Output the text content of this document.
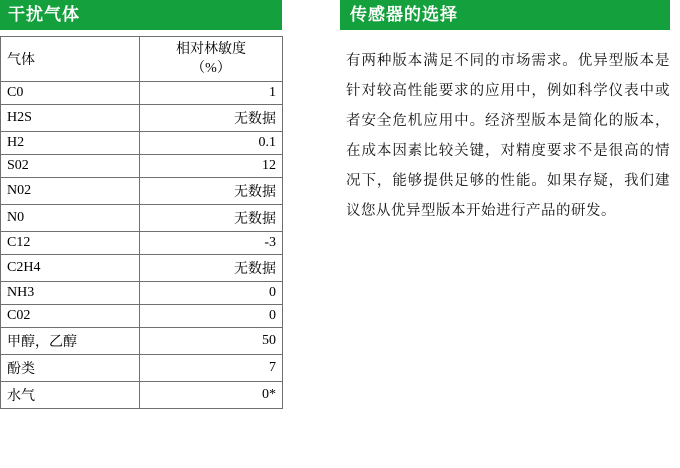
干扰气体
气体	相对林敏度
（%）

C0	1
H2S	无数据
H2	0.1
S02	12
N02	无数据
N0	无数据
C12	-3
C2H4	无数据
NH3	0
C02	0
甲醇，乙醇	50
酚类	7
水气	0*
传感器的选择
有两种版本满足不同的市场需求。优异型版本是针对较高性能要求的应用中，例如科学仪表中或者安全危机应用中。经济型版本是简化的版本，在成本因素比较关键，对精度要求不是很高的情况下，能够提供足够的性能。如果存疑，我们建议您从优异型版本开始进行产品的研发。
